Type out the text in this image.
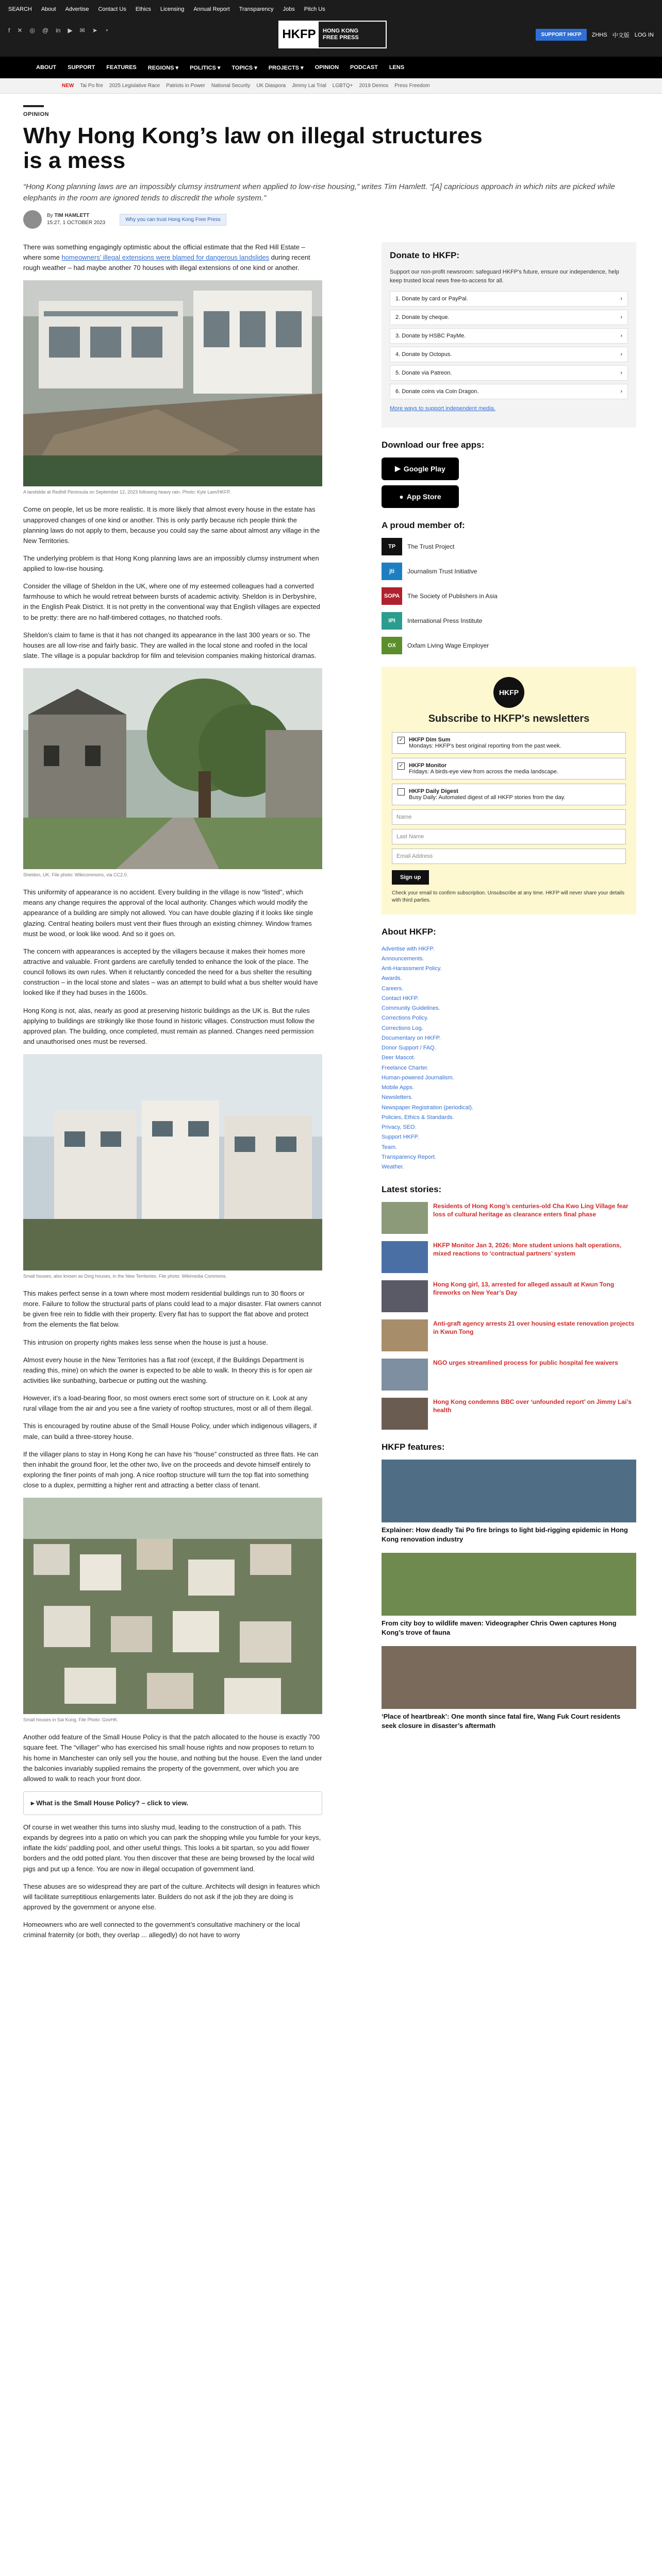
SEARCH About Advertise Contact Us Ethics Licensing Annual Report Transparency Jobs Pitch Us
f ✕ ◎ @ in ▶ ✉ ➤ ◔	HKFP	HONG KONG
FREE PRESS	SUPPORT HKFP	ZHHS 中文版 LOG IN
ABOUT SUPPORT FEATURES REGIONS ▾ POLITICS ▾ TOPICS ▾ PROJECTS ▾ OPINION PODCAST LENS
NEW Tai Po fire 2025 Legislative Race Patriots in Power National Security UK Diaspora Jimmy Lai Trial LGBTQ+ 2019 Demos Press Freedom
OPINION
Why Hong Kong’s law on illegal structures is a mess

“Hong Kong planning laws are an impossibly clumsy instrument when applied to low-rise housing,” writes Tim Hamlett. “[A] capricious approach in which nits are picked while elephants in the room are ignored tends to discredit the whole system.”

By TIM HAMLETT
15:27, 1 OCTOBER 2023
Why you can trust Hong Kong Free Press

There was something engagingly optimistic about the official estimate that the Red Hill Estate – where some homeowners’ illegal extensions were blamed for dangerous landslides during recent rough weather – had maybe another 70 houses with illegal extensions of one kind or another.

A landslide at Redhill Peninsula on September 12, 2023 following heavy rain. Photo: Kyle Lam/HKFP.

Come on people, let us be more realistic. It is more likely that almost every house in the estate has unapproved changes of one kind or another. This is only partly because rich people think the planning laws do not apply to them, because you could say the same about almost any village in the New Territories.

The underlying problem is that Hong Kong planning laws are an impossibly clumsy instrument when applied to low-rise housing.

Consider the village of Sheldon in the UK, where one of my esteemed colleagues had a converted farmhouse to which he would retreat between bursts of academic activity. Sheldon is in Derbyshire, in the English Peak District. It is not pretty in the conventional way that English villages are expected to be pretty: there are no half-timbered cottages, no thatched roofs.

Sheldon’s claim to fame is that it has not changed its appearance in the last 300 years or so. The houses are all low-rise and fairly basic. They are walled in the local stone and roofed in the local slate. The village is a popular backdrop for film and television companies making historical dramas.

Sheldon, UK. File photo: Wikicommons, via CC2.0.

This uniformity of appearance is no accident. Every building in the village is now “listed”, which means any change requires the approval of the local authority. Changes which would modify the appearance of a building are simply not allowed. You can have double glazing if it looks like single glazing. Central heating boilers must vent their flues through an existing chimney. Window frames must be wood, or look like wood. And so it goes on.

The concern with appearances is accepted by the villagers because it makes their homes more attractive and valuable. Front gardens are carefully tended to enhance the look of the place. The council follows its own rules. When it reluctantly conceded the need for a bus shelter the resulting construction – in the local stone and slates – was an attempt to build what a bus shelter would have looked like if they had buses in the 1600s.

Hong Kong is not, alas, nearly as good at preserving historic buildings as the UK is. But the rules applying to buildings are strikingly like those found in historic villages. Construction must follow the approved plan. The building, once completed, must remain as planned. Changes need permission and unauthorised ones must be reversed.

Small houses, also known as Ding houses, in the New Territories. File photo: Wikimedia Commons.

This makes perfect sense in a town where most modern residential buildings run to 30 floors or more. Failure to follow the structural parts of plans could lead to a major disaster. Flat owners cannot be given free rein to fiddle with their property. Every flat has to support the flat above and protect from the elements the flat below.

This intrusion on property rights makes less sense when the house is just a house.

Almost every house in the New Territories has a flat roof (except, if the Buildings Department is reading this, mine) on which the owner is expected to be able to walk. In theory this is for open air activities like sunbathing, barbecue or putting out the washing.

However, it’s a load-bearing floor, so most owners erect some sort of structure on it. Look at any rural village from the air and you see a fine variety of rooftop structures, most or all of them illegal.

This is encouraged by routine abuse of the Small House Policy, under which indigenous villagers, if male, can build a three-storey house.

If the villager plans to stay in Hong Kong he can have his “house” constructed as three flats. He can then inhabit the ground floor, let the other two, live on the proceeds and devote himself entirely to exploring the finer points of mah jong. A nice rooftop structure will turn the top flat into something close to a duplex, permitting a higher rent and attracting a better class of tenant.

Small houses in Sai Kung. File Photo: GovHK.

Another odd feature of the Small House Policy is that the patch allocated to the house is exactly 700 square feet. The “villager” who has exercised his small house rights and now proposes to return to his home in Manchester can only sell you the house, and nothing but the house. Even the land under the balconies invariably supplied remains the property of the government, over which you are allowed to walk to reach your front door.

▸ What is the Small House Policy? – click to view.

Of course in wet weather this turns into slushy mud, leading to the construction of a path. This expands by degrees into a patio on which you can park the shopping while you fumble for your keys, inflate the kids’ paddling pool, and other useful things. This looks a bit spartan, so you add flower borders and the odd potted plant. You then discover that these are being browsed by the local wild pigs and put up a fence. You are now in illegal occupation of government land.

These abuses are so widespread they are part of the culture. Architects will design in features which will facilitate surreptitious enlargements later. Builders do not ask if the job they are doing is approved by the government or anyone else.

Homeowners who are well connected to the government’s consultative machinery or the local criminal fraternity (or both, they overlap ... allegedly) do not have to worry

Donate to HKFP:
Support our non-profit newsroom: safeguard HKFP's future, ensure our independence, help keep trusted local news free-to-access for all.
1. Donate by card or PayPal.	›
2. Donate by cheque.	›
3. Donate by HSBC PayMe.	›
4. Donate by Octopus.	›
5. Donate via Patreon.	›
6. Donate coins via Coin Dragon.	›
More ways to support independent media.
Download our free apps:
▶ Google Play
● App Store
A proud member of:
TP	The Trust Project
jti	Journalism Trust Initiative
SOPA	The Society of Publishers in Asia
IPI	International Press Institute
OX	Oxfam Living Wage Employer
HKFP
Subscribe to HKFP's newsletters
✓ HKFP Dim Sum
Mondays: HKFP's best original reporting from the past week.
✓ HKFP Monitor
Fridays: A birds-eye view from across the media landscape.
HKFP Daily Digest
Busy Daily: Automated digest of all HKFP stories from the day.
Name
Last Name
Email Address
Sign up
Check your email to confirm subscription. Unsubscribe at any time. HKFP will never share your details with third parties.
About HKFP:
Advertise with HKFP.
Announcements.
Anti-Harassment Policy.
Awards.
Careers.
Contact HKFP.
Community Guidelines.
Corrections Policy.
Corrections Log.
Documentary on HKFP.
Donor Support / FAQ.
Deer Mascot.
Freelance Charter.
Human-powered Journalism.
Mobile Apps.
Newsletters.
Newspaper Registration (periodical).
Policies, Ethics & Standards.
Privacy, SEO.
Support HKFP.
Team.
Transparency Report.
Weather.
Latest stories:
Residents of Hong Kong’s centuries-old Cha Kwo Ling Village fear loss of cultural heritage as clearance enters final phase
HKFP Monitor Jan 3, 2026: More student unions halt operations, mixed reactions to ‘contractual partners’ system
Hong Kong girl, 13, arrested for alleged assault at Kwun Tong fireworks on New Year’s Day
Anti-graft agency arrests 21 over housing estate renovation projects in Kwun Tong
NGO urges streamlined process for public hospital fee waivers
Hong Kong condemns BBC over ‘unfounded report’ on Jimmy Lai’s health
HKFP features:
Explainer: How deadly Tai Po fire brings to light bid-rigging epidemic in Hong Kong renovation industry
From city boy to wildlife maven: Videographer Chris Owen captures Hong Kong’s trove of fauna
‘Place of heartbreak’: One month since fatal fire, Wang Fuk Court residents seek closure in disaster’s aftermath
